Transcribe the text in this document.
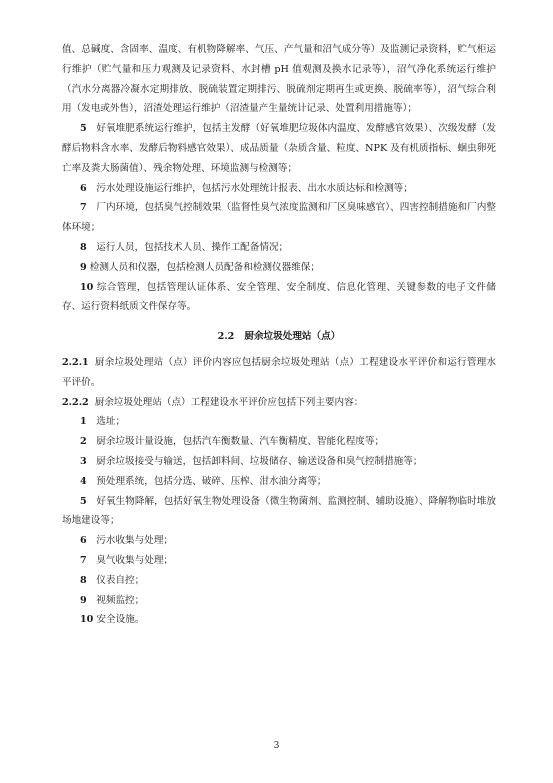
值、总碱度、含固率、温度、有机物降解率、气压、产气量和沼气成分等）及监测记录资料，贮气柜运行维护（贮气量和压力观测及记录资料、水封槽 pH 值观测及换水记录等），沼气净化系统运行维护（汽水分离器冷凝水定期排放、脱硫装置定期排污、脱硫剂定期再生或更换、脱硫率等），沼气综合利用（发电或外售），沼渣处理运行维护（沼渣量产生量统计记录、处置利用措施等）；

5　 好氧堆肥系统运行维护，包括主发酵（好氧堆肥垃圾体内温度、发酵感官效果）、次级发酵（发酵后物料含水率、发酵后物料感官效果）、成品质量（杂质含量、粒度、NPK 及有机质指标、蛔虫卵死亡率及粪大肠菌值）、残余物处理、环境监测与检测等；

6　 污水处理设施运行维护，包括污水处理统计报表、出水水质达标和检测等；

7　 厂内环境，包括臭气控制效果（监督性臭气浓度监测和厂区臭味感官）、四害控制措施和厂内整体环境；

8　 运行人员，包括技术人员、操作工配备情况；

9 检测人员和仪器，包括检测人员配备和检测仪器维保；

10 综合管理，包括管理认证体系、安全管理、安全制度、信息化管理、关键参数的电子文件储存、运行资料纸质文件保存等。

2.2 厨余垃圾处理站（点）

2.2.1 厨余垃圾处理站（点）评价内容应包括厨余垃圾处理站（点）工程建设水平评价和运行管理水平评价。

2.2.2 厨余垃圾处理站（点）工程建设水平评价应包括下列主要内容：

1　 选址；

2　 厨余垃圾计量设施，包括汽车衡数量、汽车衡精度、智能化程度等；

3　 厨余垃圾接受与输送，包括卸料间、垃圾储存、输送设备和臭气控制措施等；

4　 预处理系统，包括分选、破碎、压榨、泔水油分离等；

5　 好氧生物降解，包括好氧生物处理设备（微生物菌剂、监测控制、辅助设施）、降解物临时堆放场地建设等；

6　 污水收集与处理；

7　 臭气收集与处理；

8　 仪表自控；

9　 视频监控；

10 安全设施。

3
